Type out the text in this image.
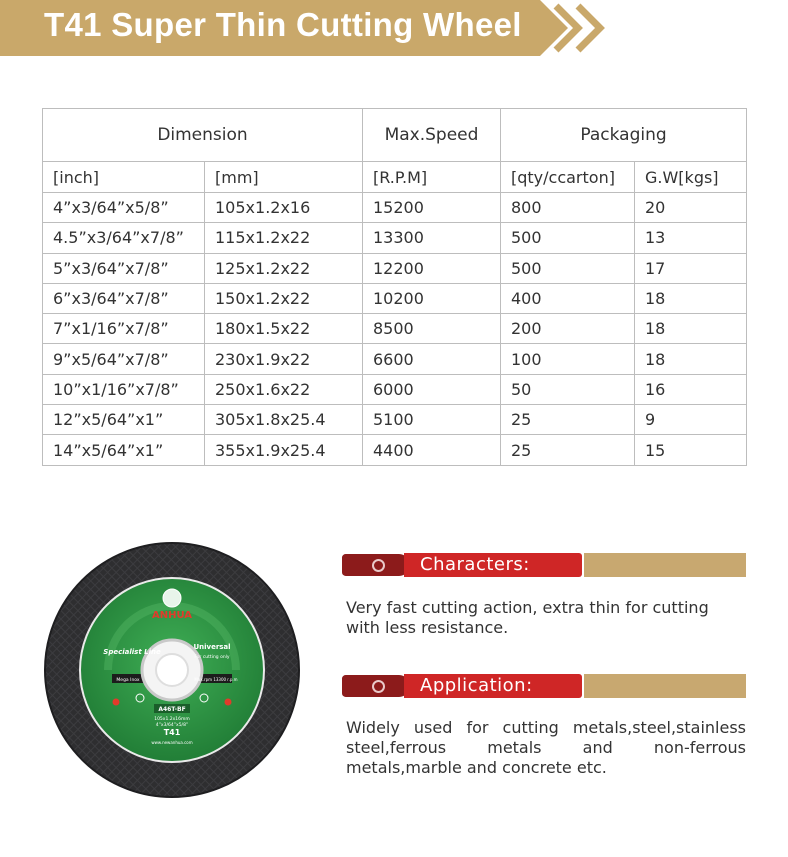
T41 Super Thin Cutting Wheel
Dimension		Max.Speed	Packaging	
[inch]	[mm]	[R.P.M]	[qty/ccarton]	G.W[kgs]
4”x3/64”x5/8”	105x1.2x16	15200	800	20
4.5”x3/64”x7/8”	115x1.2x22	13300	500	13
5”x3/64”x7/8”	125x1.2x22	12200	500	17
6”x3/64”x7/8”	150x1.2x22	10200	400	18
7”x1/16”x7/8”	180x1.5x22	8500	200	18
9”x5/64”x7/8”	230x1.9x22	6600	100	18
10”x1/16”x7/8”	250x1.6x22	6000	50	16
12”x5/64”x1”	305x1.8x25.4	5100	25	9
14”x5/64”x1”	355x1.9x25.4	4400	25	15
ANHUA
Specialist Line
Universal
For cutting only
Mega Inox	Max.rpm 13300 r.p.m
A46T-BF
105x1.2x16mm
4”x3/64”x5/8”
T41
www.newanhua.com
Characters:
Very fast cutting action, extra thin for cutting with less resistance.
Application:
Widely used for cutting metals,steel,stainless steel,ferrous metals and non-ferrous metals,marble and concrete etc.
